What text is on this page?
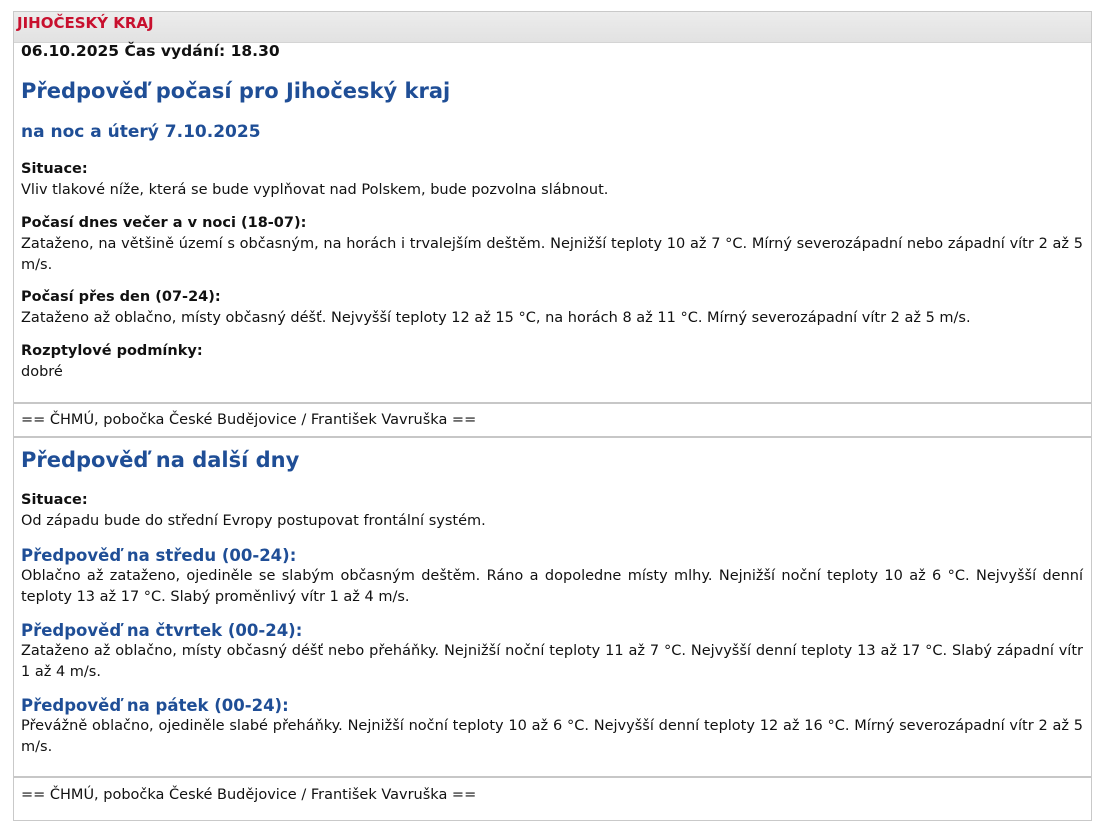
JIHOČESKÝ KRAJ
06.10.2025 Čas vydání: 18.30
Předpověď počasí pro Jihočeský kraj
na noc a úterý 7.10.2025
Situace:
Vliv tlakové níže, která se bude vyplňovat nad Polskem, bude pozvolna slábnout.
Počasí dnes večer a v noci (18-07):
Zataženo, na většině území s občasným, na horách i trvalejším deštěm. Nejnižší teploty 10 až 7 °C. Mírný severozápadní nebo západní vítr 2 až 5 m/s.
Počasí přes den (07-24):
Zataženo až oblačno, místy občasný déšť. Nejvyšší teploty 12 až 15 °C, na horách 8 až 11 °C. Mírný severozápadní vítr 2 až 5 m/s.
Rozptylové podmínky:
dobré
== ČHMÚ, pobočka České Budějovice / František Vavruška ==
Předpověď na další dny
Situace:
Od západu bude do střední Evropy postupovat frontální systém.
Předpověď na středu (00-24):
Oblačno až zataženo, ojediněle se slabým občasným deštěm. Ráno a dopoledne místy mlhy. Nejnižší noční teploty 10 až 6 °C. Nejvyšší denní teploty 13 až 17 °C. Slabý proměnlivý vítr 1 až 4 m/s.
Předpověď na čtvrtek (00-24):
Zataženo až oblačno, místy občasný déšť nebo přeháňky. Nejnižší noční teploty 11 až 7 °C. Nejvyšší denní teploty 13 až 17 °C. Slabý západní vítr 1 až 4 m/s.
Předpověď na pátek (00-24):
Převážně oblačno, ojediněle slabé přeháňky. Nejnižší noční teploty 10 až 6 °C. Nejvyšší denní teploty 12 až 16 °C. Mírný severozápadní vítr 2 až 5 m/s.
== ČHMÚ, pobočka České Budějovice / František Vavruška ==
